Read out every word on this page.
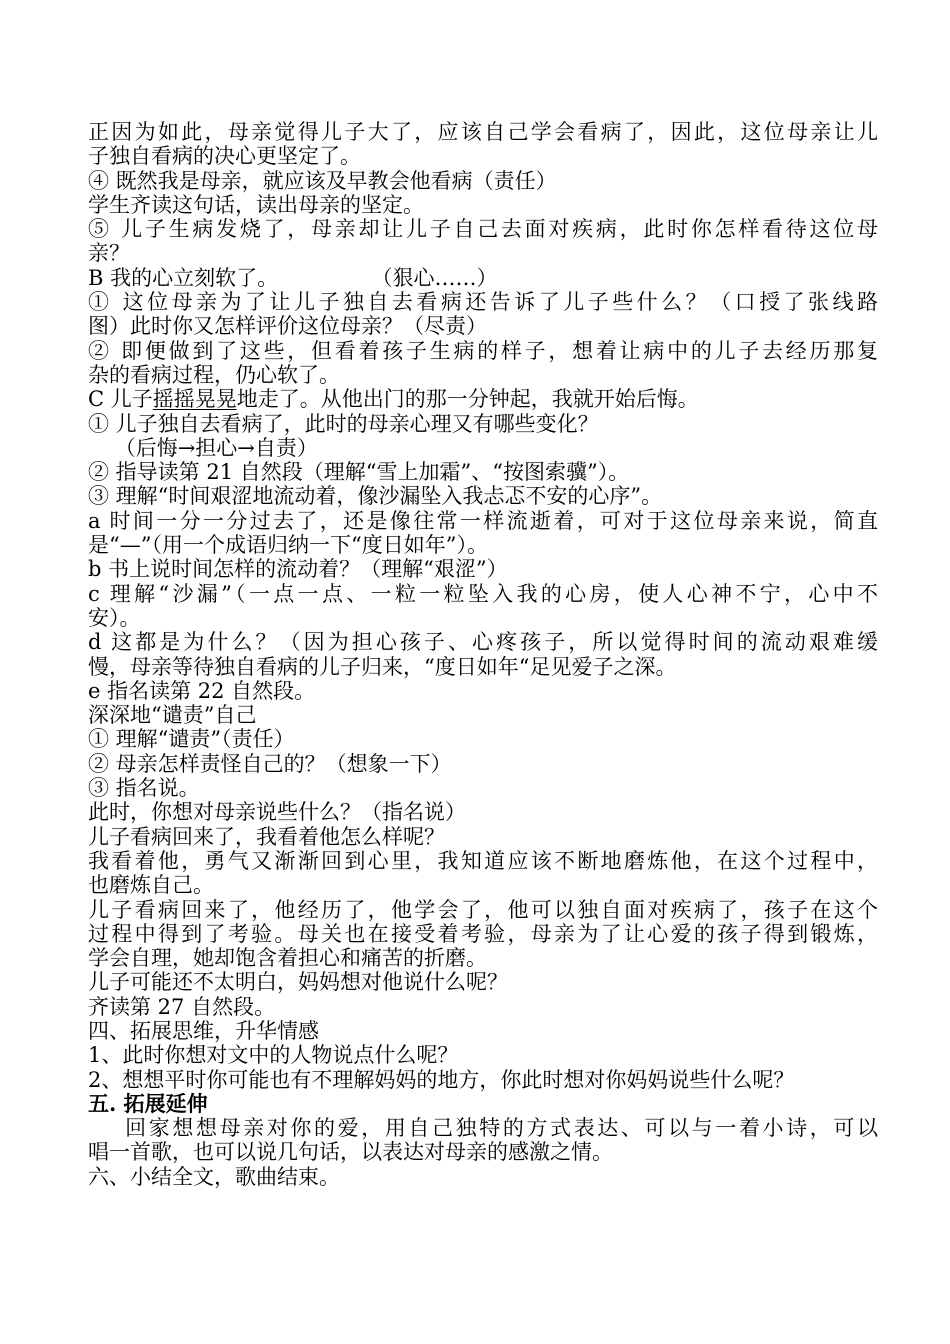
正因为如此，母亲觉得儿子大了，应该自己学会看病了，因此，这位母亲让儿
子独自看病的决心更坚定了。
④ 既然我是母亲，就应该及早教会他看病（责任）
学生齐读这句话，读出母亲的坚定。
⑤ 儿子生病发烧了，母亲却让儿子自己去面对疾病，此时你怎样看待这位母
亲？
B 我的心立刻软了。              （狠心……）
① 这位母亲为了让儿子独自去看病还告诉了儿子些什么？（口授了张线路
图）此时你又怎样评价这位母亲？（尽责）
② 即便做到了这些，但看着孩子生病的样子，想着让病中的儿子去经历那复
杂的看病过程，仍心软了。
C 儿子摇摇晃晃地走了。从他出门的那一分钟起，我就开始后悔。
① 儿子独自去看病了，此时的母亲心理又有哪些变化？
（后悔→担心→自责）
② 指导读第 21 自然段（理解“雪上加霜”、“按图索骥”）。
③ 理解“时间艰涩地流动着，像沙漏坠入我忐忑不安的心序”。
a 时间一分一分过去了，还是像往常一样流逝着，可对于这位母亲来说，简直
是“—”（用一个成语归纳一下“度日如年”）。
b 书上说时间怎样的流动着？（理解“艰涩”）
c 理解“沙漏”（一点一点、一粒一粒坠入我的心房，使人心神不宁，心中不
安）。
d 这都是为什么？（因为担心孩子、心疼孩子，所以觉得时间的流动艰难缓
慢，母亲等待独自看病的儿子归来，“度日如年“足见爱子之深。
e 指名读第 22 自然段。
深深地“谴责”自己
① 理解“谴责”（责任）
② 母亲怎样责怪自己的？（想象一下）
③ 指名说。
此时，你想对母亲说些什么？（指名说）
儿子看病回来了，我看着他怎么样呢？
我看着他，勇气又渐渐回到心里，我知道应该不断地磨炼他，在这个过程中，
也磨炼自己。
儿子看病回来了，他经历了，他学会了，他可以独自面对疾病了，孩子在这个
过程中得到了考验。母关也在接受着考验，母亲为了让心爱的孩子得到锻炼，
学会自理，她却饱含着担心和痛苦的折磨。
儿子可能还不太明白，妈妈想对他说什么呢？
齐读第 27 自然段。
四、拓展思维，升华情感
1、此时你想对文中的人物说点什么呢？
2、想想平时你可能也有不理解妈妈的地方，你此时想对你妈妈说些什么呢？
五. 拓展延伸
回家想想母亲对你的爱，用自己独特的方式表达、可以与一着小诗，可以
唱一首歌，也可以说几句话，以表达对母亲的感激之情。
六、小结全文，歌曲结束。
